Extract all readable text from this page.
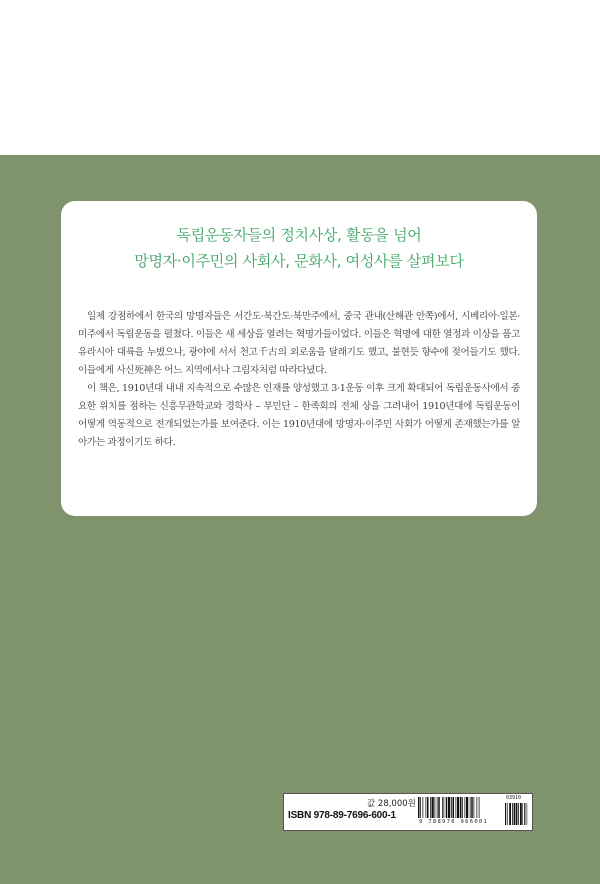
독립운동자들의 정치사상, 활동을 넘어
망명자·이주민의 사회사, 문화사, 여성사를 살펴보다

일제 강점하에서 한국의 망명자들은 서간도·북간도·북만주에서, 중국 관내(산해관 안쪽)에서, 시베리아·일본·미주에서 독립운동을 펼쳤다. 이들은 새 세상을 열려는 혁명가들이었다. 이들은 혁명에 대한 열정과 이상을 품고 유라시아 대륙을 누볐으나, 광야에 서서 천고千古의 외로움을 달래기도 했고, 불현듯 향수에 젖어들기도 했다. 이들에게 사신死神은 어느 지역에서나 그림자처럼 따라다녔다.

이 책은, 1910년대 내내 지속적으로 수많은 인재를 양성했고 3·1운동 이후 크게 확대되어 독립운동사에서 중요한 위치를 점하는 신흥무관학교와 경학사 – 부민단 – 한족회의 전체 상을 그려내어 1910년대에 독립운동이 어떻게 역동적으로 전개되었는가를 보여준다. 이는 1910년대에 망명자·이주민 사회가 어떻게 존재했는가를 알아가는 과정이기도 하다.

값 28,000원
ISBN 978-89-7696-600-1
9 788976 966001
03910
